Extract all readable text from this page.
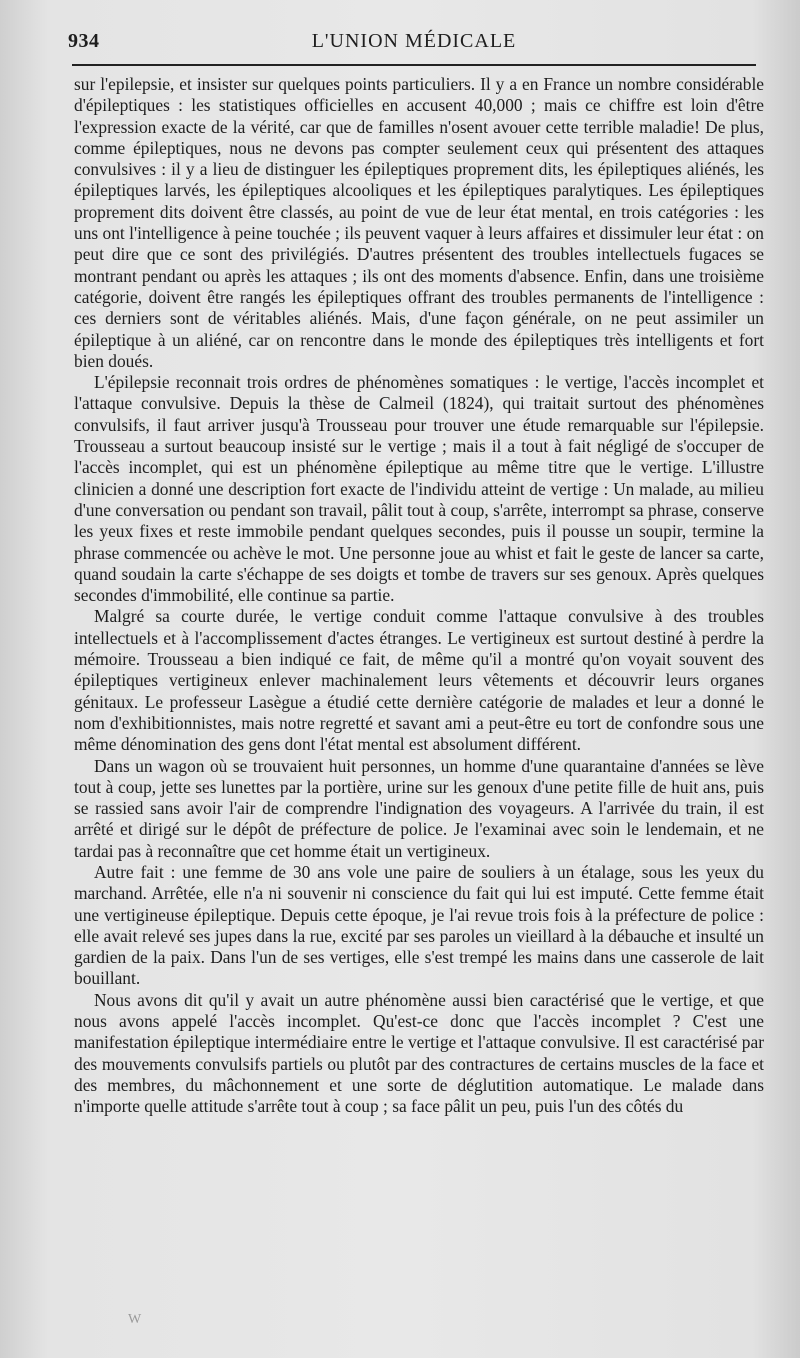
934	L'UNION MÉDICALE

sur l'epilepsie, et insister sur quelques points particuliers. Il y a en France un nombre considérable d'épileptiques : les statistiques officielles en accusent 40,000 ; mais ce chiffre est loin d'être l'expression exacte de la vérité, car que de familles n'osent avouer cette terrible maladie! De plus, comme épileptiques, nous ne devons pas compter seulement ceux qui présentent des attaques convulsives : il y a lieu de distinguer les épileptiques proprement dits, les épileptiques aliénés, les épileptiques larvés, les épileptiques alcooliques et les épileptiques paralytiques. Les épileptiques proprement dits doivent être classés, au point de vue de leur état mental, en trois catégories : les uns ont l'intelligence à peine touchée ; ils peuvent vaquer à leurs affaires et dissimuler leur état : on peut dire que ce sont des privilégiés. D'autres présentent des troubles intellectuels fugaces se montrant pendant ou après les attaques ; ils ont des moments d'absence. Enfin, dans une troisième catégorie, doivent être rangés les épileptiques offrant des troubles permanents de l'intelligence : ces derniers sont de véritables aliénés. Mais, d'une façon générale, on ne peut assimiler un épileptique à un aliéné, car on rencontre dans le monde des épileptiques très intelligents et fort bien doués.

L'épilepsie reconnait trois ordres de phénomènes somatiques : le vertige, l'accès incomplet et l'attaque convulsive. Depuis la thèse de Calmeil (1824), qui traitait surtout des phénomènes convulsifs, il faut arriver jusqu'à Trousseau pour trouver une étude remarquable sur l'épilepsie. Trousseau a surtout beaucoup insisté sur le vertige ; mais il a tout à fait négligé de s'occuper de l'accès incomplet, qui est un phénomène épileptique au même titre que le vertige. L'illustre clinicien a donné une description fort exacte de l'individu atteint de vertige : Un malade, au milieu d'une conversation ou pendant son travail, pâlit tout à coup, s'arrête, interrompt sa phrase, conserve les yeux fixes et reste immobile pendant quelques secondes, puis il pousse un soupir, termine la phrase commencée ou achève le mot. Une personne joue au whist et fait le geste de lancer sa carte, quand soudain la carte s'échappe de ses doigts et tombe de travers sur ses genoux. Après quelques secondes d'immobilité, elle continue sa partie.

Malgré sa courte durée, le vertige conduit comme l'attaque convulsive à des troubles intellectuels et à l'accomplissement d'actes étranges. Le vertigineux est surtout destiné à perdre la mémoire. Trousseau a bien indiqué ce fait, de même qu'il a montré qu'on voyait souvent des épileptiques vertigineux enlever machinalement leurs vêtements et découvrir leurs organes génitaux. Le professeur Lasègue a étudié cette dernière catégorie de malades et leur a donné le nom d'exhibitionnistes, mais notre regretté et savant ami a peut-être eu tort de confondre sous une même dénomination des gens dont l'état mental est absolument différent.

Dans un wagon où se trouvaient huit personnes, un homme d'une quarantaine d'années se lève tout à coup, jette ses lunettes par la portière, urine sur les genoux d'une petite fille de huit ans, puis se rassied sans avoir l'air de comprendre l'indignation des voyageurs. A l'arrivée du train, il est arrêté et dirigé sur le dépôt de préfecture de police. Je l'examinai avec soin le lendemain, et ne tardai pas à reconnaître que cet homme était un vertigineux.

Autre fait : une femme de 30 ans vole une paire de souliers à un étalage, sous les yeux du marchand. Arrêtée, elle n'a ni souvenir ni conscience du fait qui lui est imputé. Cette femme était une vertigineuse épileptique. Depuis cette époque, je l'ai revue trois fois à la préfecture de police : elle avait relevé ses jupes dans la rue, excité par ses paroles un vieillard à la débauche et insulté un gardien de la paix. Dans l'un de ses vertiges, elle s'est trempé les mains dans une casserole de lait bouillant.

Nous avons dit qu'il y avait un autre phénomène aussi bien caractérisé que le vertige, et que nous avons appelé l'accès incomplet. Qu'est-ce donc que l'accès incomplet ? C'est une manifestation épileptique intermédiaire entre le vertige et l'attaque convulsive. Il est caractérisé par des mouvements convulsifs partiels ou plutôt par des contractures de certains muscles de la face et des membres, du mâchonnement et une sorte de déglutition automatique. Le malade dans n'importe quelle attitude s'arrête tout à coup ; sa face pâlit un peu, puis l'un des côtés du

W
